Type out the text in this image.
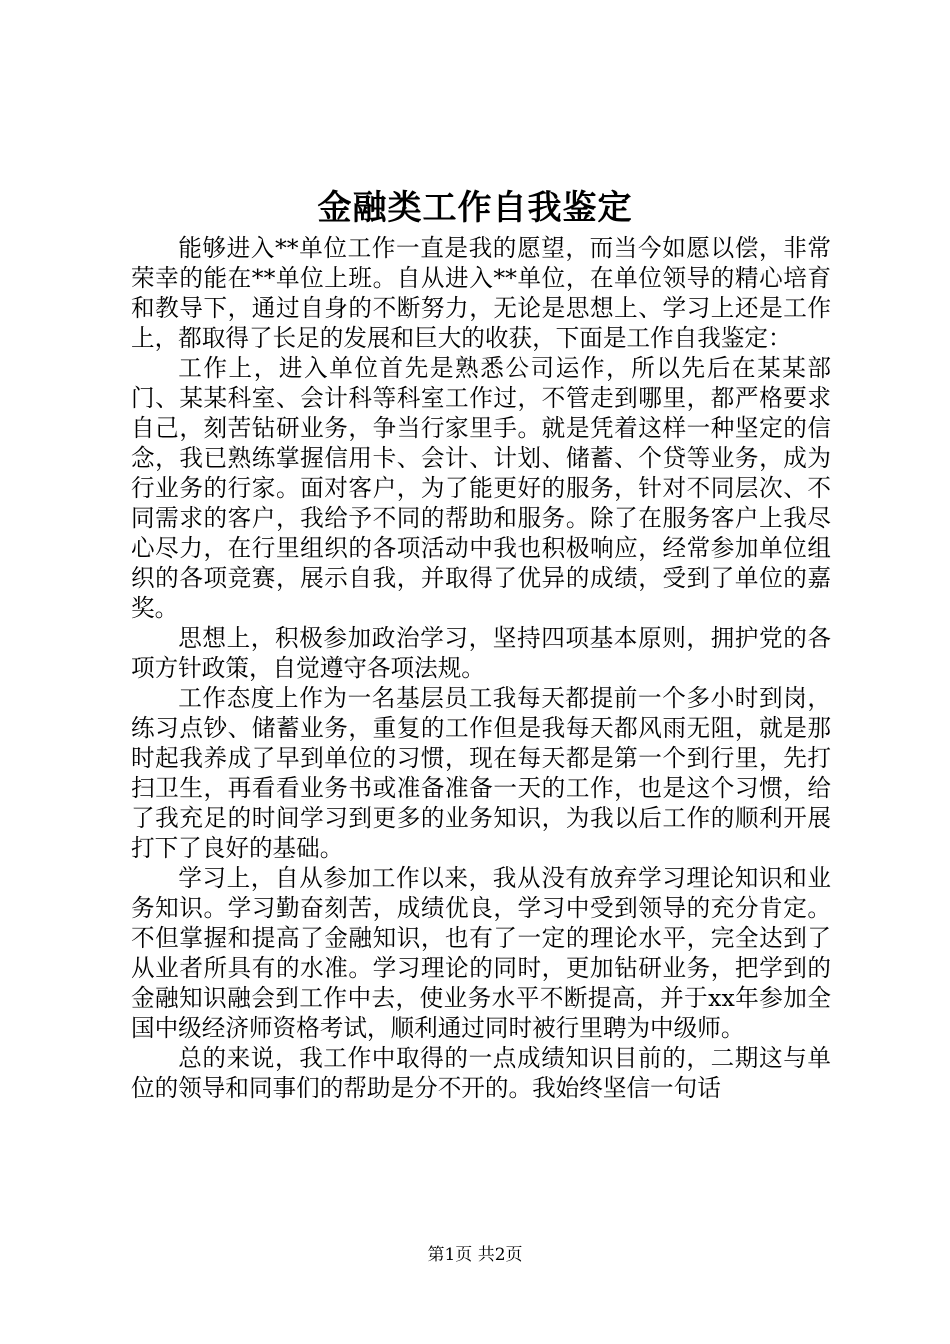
金融类工作自我鉴定

能够进入**单位工作一直是我的愿望，而当今如愿以偿，非常荣幸的能在**单位上班。自从进入**单位，在单位领导的精心培育和教导下，通过自身的不断努力，无论是思想上、学习上还是工作上，都取得了长足的发展和巨大的收获，下面是工作自我鉴定：

工作上，进入单位首先是熟悉公司运作，所以先后在某某部门、某某科室、会计科等科室工作过，不管走到哪里，都严格要求自己，刻苦钻研业务，争当行家里手。就是凭着这样一种坚定的信念，我已熟练掌握信用卡、会计、计划、储蓄、个贷等业务，成为行业务的行家。面对客户，为了能更好的服务，针对不同层次、不同需求的客户，我给予不同的帮助和服务。除了在服务客户上我尽心尽力，在行里组织的各项活动中我也积极响应，经常参加单位组织的各项竞赛，展示自我，并取得了优异的成绩，受到了单位的嘉奖。

思想上，积极参加政治学习，坚持四项基本原则，拥护党的各项方针政策，自觉遵守各项法规。

工作态度上作为一名基层员工我每天都提前一个多小时到岗，练习点钞、储蓄业务，重复的工作但是我每天都风雨无阻，就是那时起我养成了早到单位的习惯，现在每天都是第一个到行里，先打扫卫生，再看看业务书或准备准备一天的工作，也是这个习惯，给了我充足的时间学习到更多的业务知识，为我以后工作的顺利开展打下了良好的基础。

学习上，自从参加工作以来，我从没有放弃学习理论知识和业务知识。学习勤奋刻苦，成绩优良，学习中受到领导的充分肯定。不但掌握和提高了金融知识，也有了一定的理论水平，完全达到了从业者所具有的水准。学习理论的同时，更加钻研业务，把学到的金融知识融会到工作中去，使业务水平不断提高，并于xx年参加全国中级经济师资格考试，顺利通过同时被行里聘为中级师。

总的来说，我工作中取得的一点成绩知识目前的，二期这与单位的领导和同事们的帮助是分不开的。我始终坚信一句话

第1页 共2页
